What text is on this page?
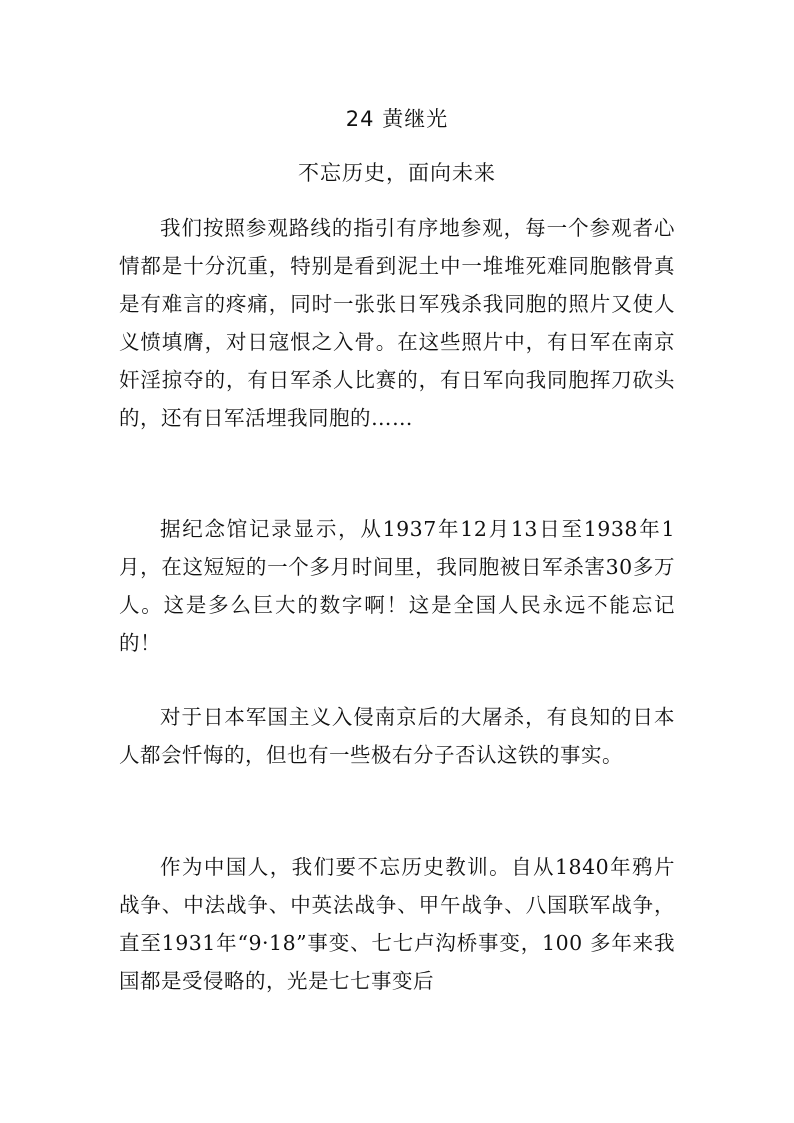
24 黄继光
不忘历史，面向未来

我们按照参观路线的指引有序地参观，每一个参观者心情都是十分沉重，特别是看到泥土中一堆堆死难同胞骸骨真是有难言的疼痛，同时一张张日军残杀我同胞的照片又使人义愤填膺，对日寇恨之入骨。在这些照片中，有日军在南京奸淫掠夺的，有日军杀人比赛的，有日军向我同胞挥刀砍头的，还有日军活埋我同胞的……

据纪念馆记录显示，从1937年12月13日至1938年1月，在这短短的一个多月时间里，我同胞被日军杀害30多万人。这是多么巨大的数字啊！这是全国人民永远不能忘记的！

对于日本军国主义入侵南京后的大屠杀，有良知的日本人都会忏悔的，但也有一些极右分子否认这铁的事实。

作为中国人，我们要不忘历史教训。自从1840年鸦片战争、中法战争、中英法战争、甲午战争、八国联军战争，直至1931年“9·18”事变、七七卢沟桥事变，100 多年来我国都是受侵略的，光是七七事变后
